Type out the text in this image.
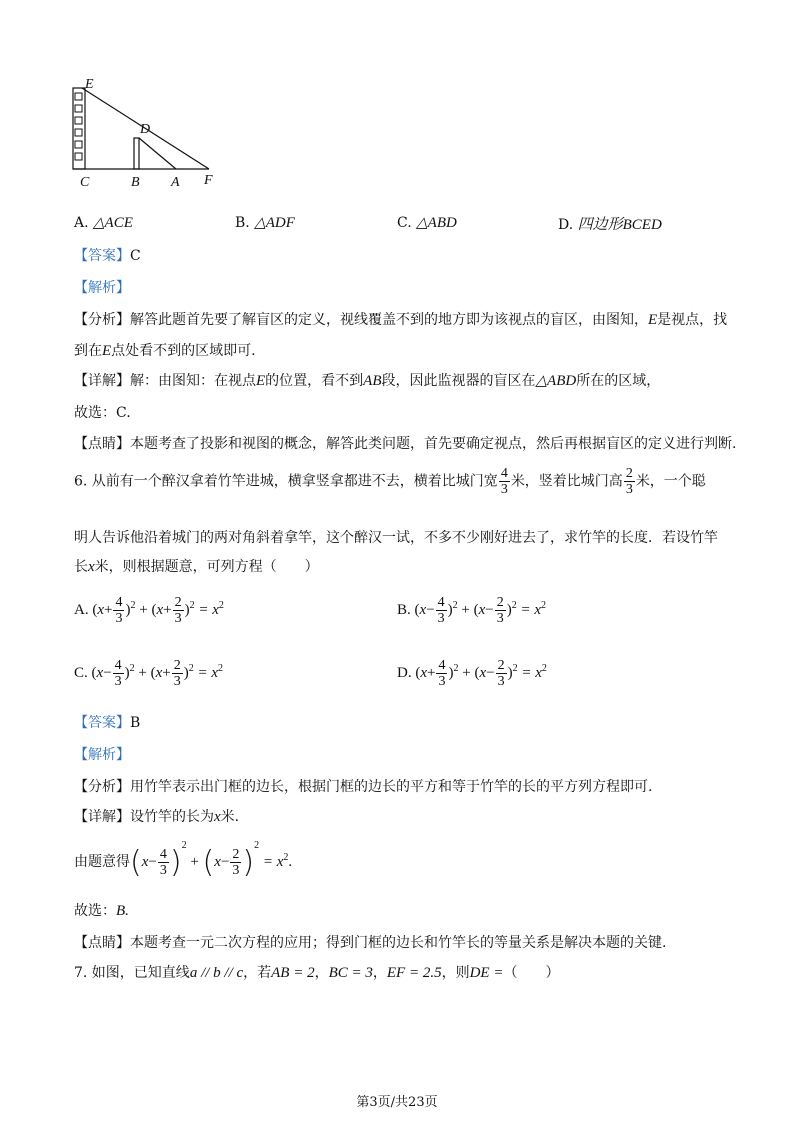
E
D
C	B A F
A. △ACE	B. △ADF	C. △ABD	D. 四边形BCED
【答案】C
【解析】
【分析】解答此题首先要了解盲区的定义，视线覆盖不到的地方即为该视点的盲区，由图知，E是视点，找
到在E点处看不到的区域即可.
【详解】解：由图知：在视点E的位置，看不到AB段，因此监视器的盲区在△ABD所在的区域，
故选：C.
【点睛】本题考查了投影和视图的概念，解答此类问题，首先要确定视点，然后再根据盲区的定义进行判断.
6. 从前有一个醉汉拿着竹竿进城，横拿竖拿都进不去，横着比城门宽 $\frac{4}{3}$ 米，竖着比城门高 $\frac{2}{3}$ 米，一个聪
明人告诉他沿着城门的两对角斜着拿竿，这个醉汉一试，不多不少刚好进去了，求竹竿的长度．若设竹竿
长x米，则根据题意，可列方程（　　）
A. $(x+ \frac{4}{3} )^2 + (x+ \frac{2}{3} )^2 = x^2$	B. $(x- \frac{4}{3} )^2 + (x- \frac{2}{3} )^2 = x^2$
C. $(x- \frac{4}{3} )^2 + (x+ \frac{2}{3} )^2 = x^2$	D. $(x+ \frac{4}{3} )^2 + (x- \frac{2}{3} )^2 = x^2$
【答案】B
【解析】
【分析】用竹竿表示出门框的边长，根据门框的边长的平方和等于竹竿的长的平方列方程即可.
【详解】设竹竿的长为x米.
由题意得$(x- \frac{4}{3} )^2 + (x- \frac{2}{3} )^2 = x^2$.
故选：B.
【点睛】本题考查一元二次方程的应用；得到门框的边长和竹竿长的等量关系是解决本题的关键.
7. 如图，已知直线a // b // c，若AB = 2，BC = 3，EF = 2.5，则DE =（　　）
第3页/共23页
